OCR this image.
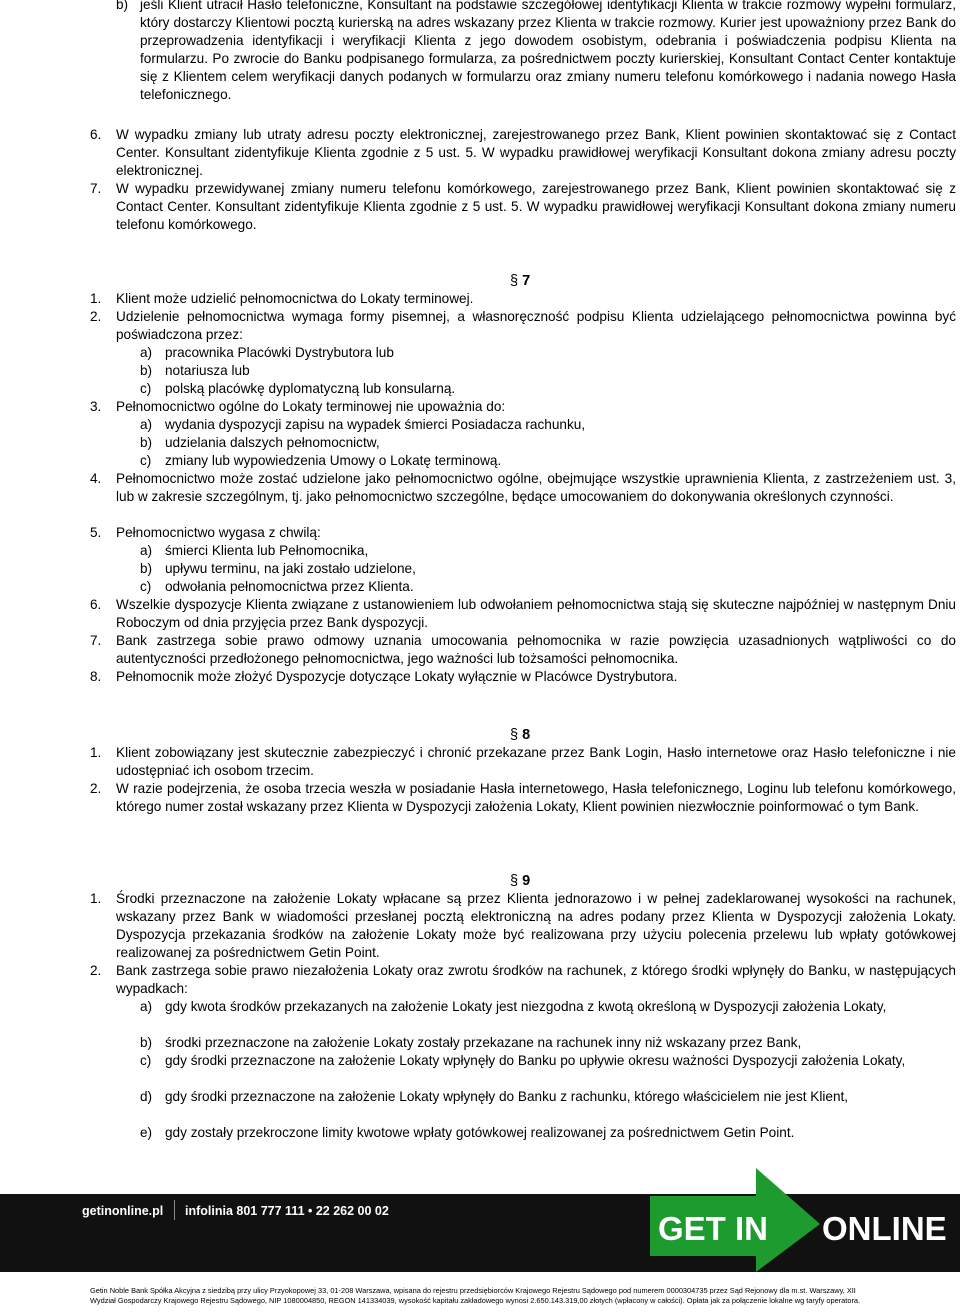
b) jeśli Klient utracił Hasło telefoniczne, Konsultant na podstawie szczegółowej identyfikacji Klienta w trakcie rozmowy wypełni formularz, który dostarczy Klientowi pocztą kurierską na adres wskazany przez Klienta w trakcie rozmowy. Kurier jest upoważniony przez Bank do przeprowadzenia identyfikacji i weryfikacji Klienta z jego dowodem osobistym, odebrania i poświadczenia podpisu Klienta na formularzu. Po zwrocie do Banku podpisanego formularza, za pośrednictwem poczty kurierskiej, Konsultant Contact Center kontaktuje się z Klientem celem weryfikacji danych podanych w formularzu oraz zmiany numeru telefonu komórkowego i nadania nowego Hasła telefonicznego.
6. W wypadku zmiany lub utraty adresu poczty elektronicznej, zarejestrowanego przez Bank, Klient powinien skontaktować się z Contact Center. Konsultant zidentyfikuje Klienta zgodnie z 5 ust. 5. W wypadku prawidłowej weryfikacji Konsultant dokona zmiany adresu poczty elektronicznej.
7. W wypadku przewidywanej zmiany numeru telefonu komórkowego, zarejestrowanego przez Bank, Klient powinien skontaktować się z Contact Center. Konsultant zidentyfikuje Klienta zgodnie z 5 ust. 5. W wypadku prawidłowej weryfikacji Konsultant dokona zmiany numeru telefonu komórkowego.
§ 7
1. Klient może udzielić pełnomocnictwa do Lokaty terminowej.
2. Udzielenie pełnomocnictwa wymaga formy pisemnej, a własnoręczność podpisu Klienta udzielającego pełnomocnictwa powinna być poświadczona przez:
a) pracownika Placówki Dystrybutora lub
b) notariusza lub
c) polską placówkę dyplomatyczną lub konsularną.
3. Pełnomocnictwo ogólne do Lokaty terminowej nie upoważnia do:
a) wydania dyspozycji zapisu na wypadek śmierci Posiadacza rachunku,
b) udzielania dalszych pełnomocnictw,
c) zmiany lub wypowiedzenia Umowy o Lokatę terminową.
4. Pełnomocnictwo może zostać udzielone jako pełnomocnictwo ogólne, obejmujące wszystkie uprawnienia Klienta, z zastrzeżeniem ust. 3, lub w zakresie szczególnym, tj. jako pełnomocnictwo szczególne, będące umocowaniem do dokonywania określonych czynności.
5. Pełnomocnictwo wygasa z chwilą:
a) śmierci Klienta lub Pełnomocnika,
b) upływu terminu, na jaki zostało udzielone,
c) odwołania pełnomocnictwa przez Klienta.
6. Wszelkie dyspozycje Klienta związane z ustanowieniem lub odwołaniem pełnomocnictwa stają się skuteczne najpóźniej w następnym Dniu Roboczym od dnia przyjęcia przez Bank dyspozycji.
7. Bank zastrzega sobie prawo odmowy uznania umocowania pełnomocnika w razie powzięcia uzasadnionych wątpliwości co do autentyczności przedłożonego pełnomocnictwa, jego ważności lub tożsamości pełnomocnika.
8. Pełnomocnik może złożyć Dyspozycje dotyczące Lokaty wyłącznie w Placówce Dystrybutora.
§ 8
1. Klient zobowiązany jest skutecznie zabezpieczyć i chronić przekazane przez Bank Login, Hasło internetowe oraz Hasło telefoniczne i nie udostępniać ich osobom trzecim.
2. W razie podejrzenia, że osoba trzecia weszła w posiadanie Hasła internetowego, Hasła telefonicznego, Loginu lub telefonu komórkowego, którego numer został wskazany przez Klienta w Dyspozycji założenia Lokaty, Klient powinien niezwłocznie poinformować o tym Bank.
§ 9
1. Środki przeznaczone na założenie Lokaty wpłacane są przez Klienta jednorazowo i w pełnej zadeklarowanej wysokości na rachunek, wskazany przez Bank w wiadomości przesłanej pocztą elektroniczną na adres podany przez Klienta w Dyspozycji założenia Lokaty. Dyspozycja przekazania środków na założenie Lokaty może być realizowana przy użyciu polecenia przelewu lub wpłaty gotówkowej realizowanej za pośrednictwem Getin Point.
2. Bank zastrzega sobie prawo niezałożenia Lokaty oraz zwrotu środków na rachunek, z którego środki wpłynęły do Banku, w następujących wypadkach:
a) gdy kwota środków przekazanych na założenie Lokaty jest niezgodna z kwotą określoną w Dyspozycji założenia Lokaty,
b) środki przeznaczone na założenie Lokaty zostały przekazane na rachunek inny niż wskazany przez Bank,
c) gdy środki przeznaczone na założenie Lokaty wpłynęły do Banku po upływie okresu ważności Dyspozycji założenia Lokaty,
d) gdy środki przeznaczone na założenie Lokaty wpłynęły do Banku z rachunku, którego właścicielem nie jest Klient,
e) gdy zostały przekroczone limity kwotowe wpłaty gotówkowej realizowanej za pośrednictwem Getin Point.
getinonline.pl infolinia 801 777 111 • 22 262 00 02	GET IN ONLINE
Getin Noble Bank Spółka Akcyjna z siedzibą przy ulicy Przyokopowej 33, 01-208 Warszawa, wpisana do rejestru przedsiębiorców Krajowego Rejestru Sądowego pod numerem 0000304735 przez Sąd Rejonowy dla m.st. Warszawy, XII
Wydział Gospodarczy Krajowego Rejestru Sądowego, NIP 1080004850, REGON 141334039, wysokość kapitału zakładowego wynosi 2.650.143.319,00 złotych (wpłacony w całości). Opłata jak za połączenie lokalne wg taryfy operatora.
